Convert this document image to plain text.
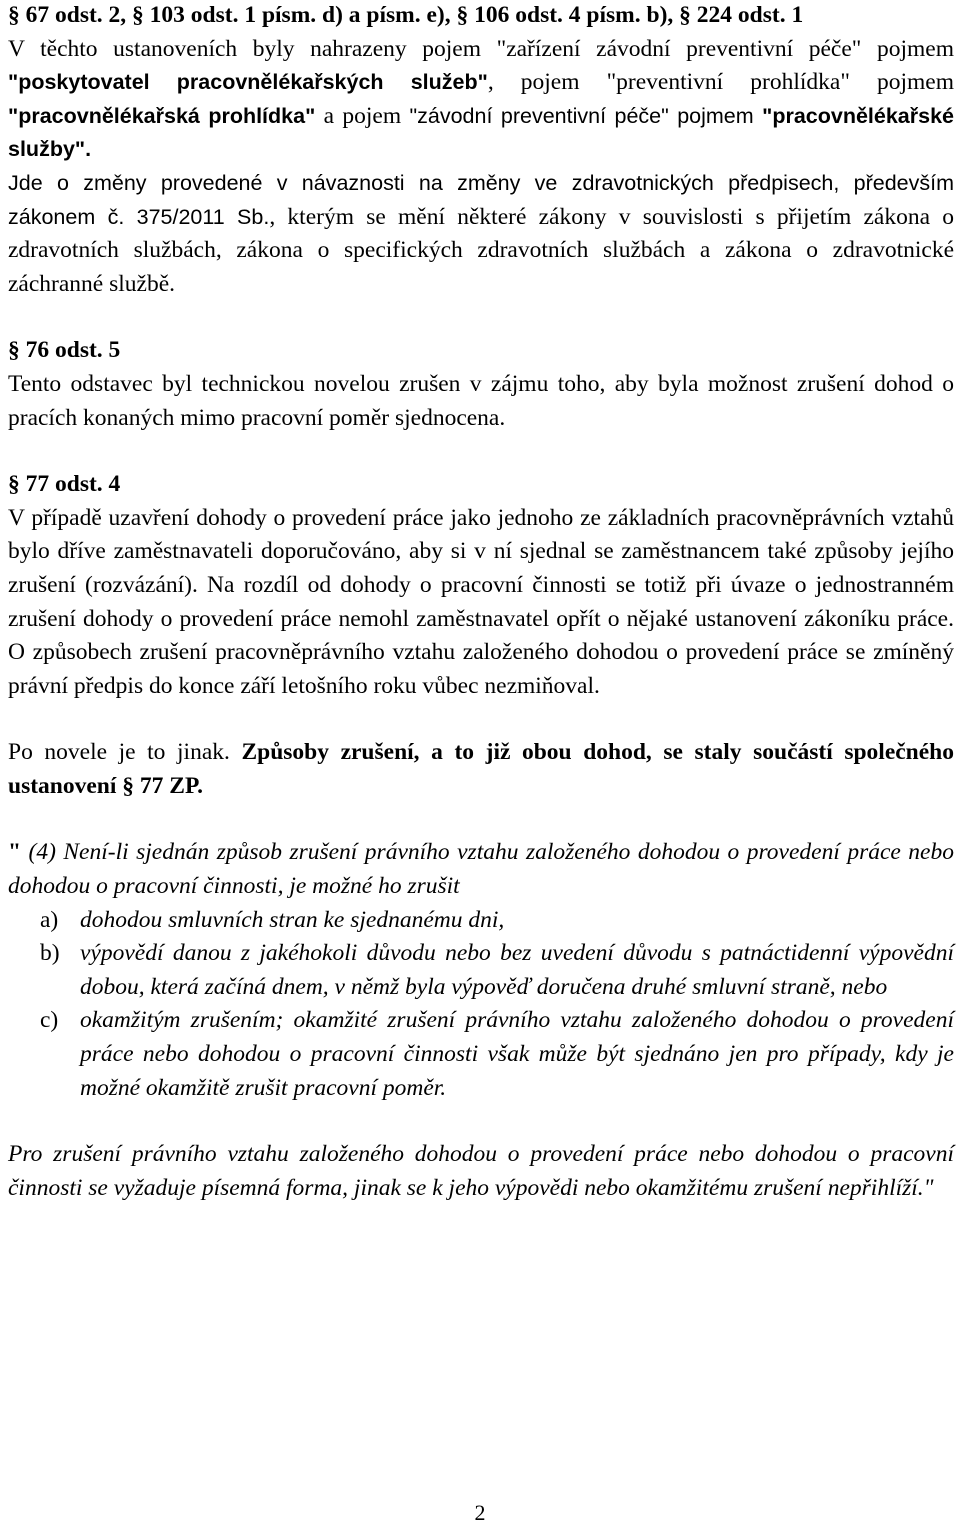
§ 67 odst. 2, § 103 odst. 1 písm. d) a písm. e), § 106 odst. 4 písm. b), § 224 odst. 1

V těchto ustanoveních byly nahrazeny pojem "zařízení závodní preventivní péče" pojmem "poskytovatel pracovnělékařských služeb", pojem "preventivní prohlídka" pojmem "pracovnělékařská prohlídka" a pojem "závodní preventivní péče" pojmem "pracovnělékařské služby".

Jde o změny provedené v návaznosti na změny ve zdravotnických předpisech, především zákonem č. 375/2011 Sb., kterým se mění některé zákony v souvislosti s přijetím zákona o zdravotních službách, zákona o specifických zdravotních službách a zákona o zdravotnické záchranné službě.

§ 76 odst. 5

Tento odstavec byl technickou novelou zrušen v zájmu toho, aby byla možnost zrušení dohod o pracích konaných mimo pracovní poměr sjednocena.

§ 77 odst. 4

V případě uzavření dohody o provedení práce jako jednoho ze základních pracovněprávních vztahů bylo dříve zaměstnavateli doporučováno, aby si v ní sjednal se zaměstnancem také způsoby jejího zrušení (rozvázání). Na rozdíl od dohody o pracovní činnosti se totiž při úvaze o jednostranném zrušení dohody o provedení práce nemohl zaměstnavatel opřít o nějaké ustanovení zákoníku práce. O způsobech zrušení pracovněprávního vztahu založeného dohodou o provedení práce se zmíněný právní předpis do konce září letošního roku vůbec nezmiňoval.

Po novele je to jinak. Způsoby zrušení, a to již obou dohod, se staly součástí společného ustanovení § 77 ZP.

" (4) Není-li sjednán způsob zrušení právního vztahu založeného dohodou o provedení práce nebo dohodou o pracovní činnosti, je možné ho zrušit

a) dohodou smluvních stran ke sjednanému dni,
b) výpovědí danou z jakéhokoli důvodu nebo bez uvedení důvodu s patnáctidenní výpovědní dobou, která začíná dnem, v němž byla výpověď doručena druhé smluvní straně, nebo
c) okamžitým zrušením; okamžité zrušení právního vztahu založeného dohodou o provedení práce nebo dohodou o pracovní činnosti však může být sjednáno jen pro případy, kdy je možné okamžitě zrušit pracovní poměr.

Pro zrušení právního vztahu založeného dohodou o provedení práce nebo dohodou o pracovní činnosti se vyžaduje písemná forma, jinak se k jeho výpovědi nebo okamžitému zrušení nepřihlíží."

2
